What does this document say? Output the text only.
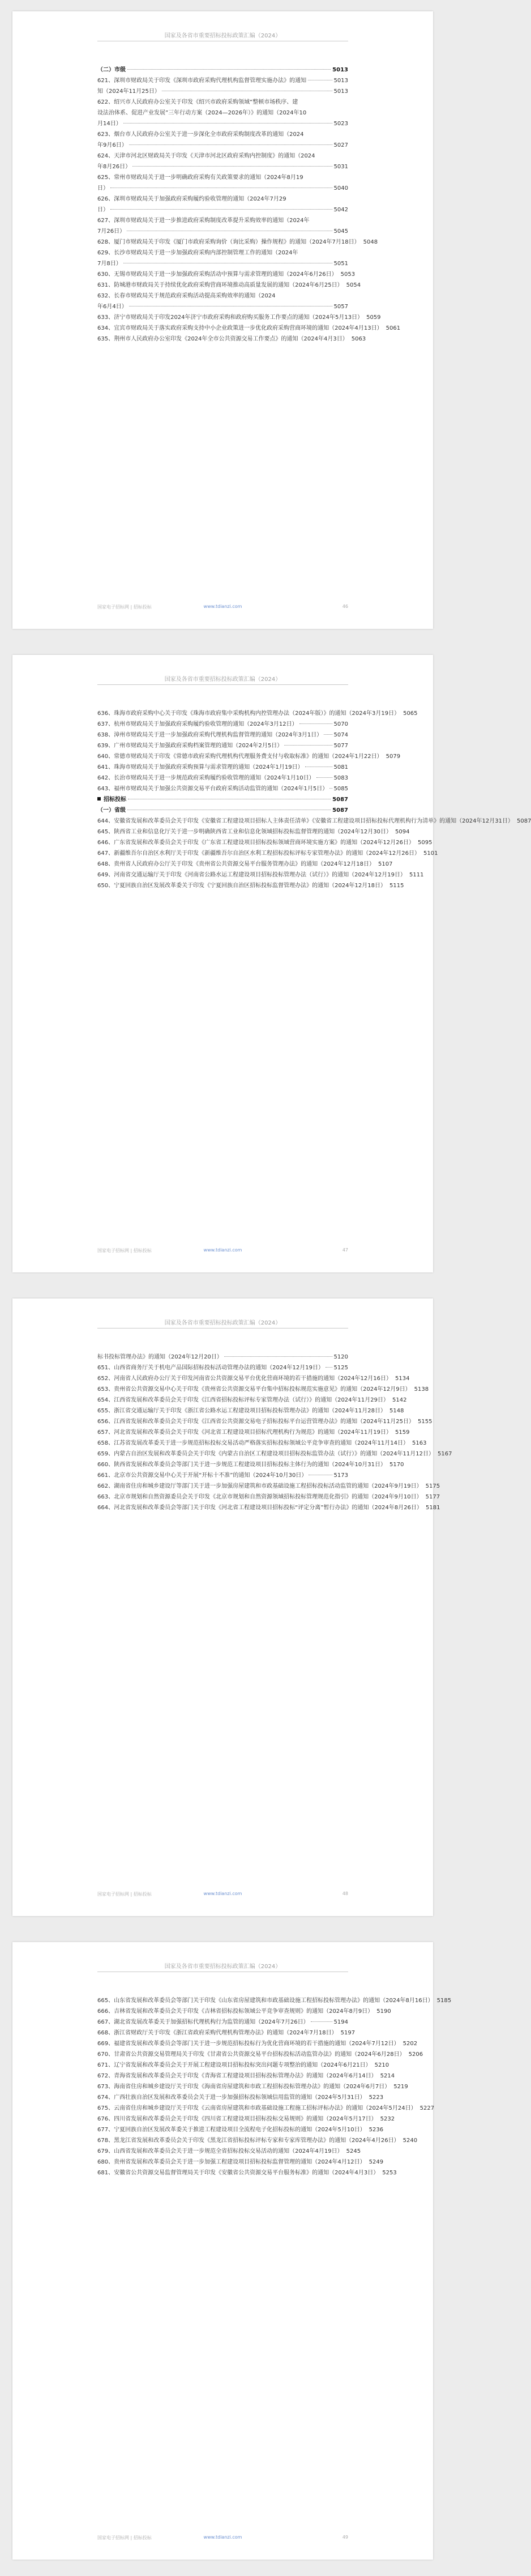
国家及各省市重要招标投标政策汇编（2024）
（二）市级	5013
621、深圳市财政局关于印发《深圳市政府采购代理机构监督管理实施办法》的通知	5013
知（2024年11月25日）	5013
622、绍兴市人民政府办公室关于印发《绍兴市政府采购领域“整顿市场秩序、建
设法治体系、促进产业发展”三年行动方案（2024—2026年）》的通知（2024年10
月14日）	5023
623、烟台市人民政府办公室关于进一步深化全市政府采购制度改革的通知（2024
年9月6日）	5027
624、天津市河北区财政局关于印发《天津市河北区政府采购内控制度》的通知（2024
年8月26日）	5031
625、常州市财政局关于进一步明确政府采购有关政策要求的通知（2024年8月19
日）	5040
626、深圳市财政局关于加强政府采购履约验收管理的通知（2024年7月29
日）	5042
627、深圳市财政局关于进一步推进政府采购制度改革提升采购效率的通知（2024年
7月26日）	5045
628、厦门市财政局关于印发《厦门市政府采购询价（询比采购）操作规程》的通知（2024年7月18日） 5048
629、长沙市财政局关于进一步加强政府采购内部控制管理工作的通知（2024年
7月8日）	5051
630、无锡市财政局关于进一步加强政府采购活动中预算与需求管理的通知（2024年6月26日） 5053
631、防城港市财政局关于持续优化政府采购营商环境推动高质量发展的通知（2024年6月25日） 5054
632、长春市财政局关于规范政府采购活动提高采购效率的通知（2024
年6月4日）	5057
633、济宁市财政局关于印发2024年济宁市政府采购和政府购买服务工作要点的通知（2024年5月13日） 5059
634、宜宾市财政局关于落实政府采购支持中小企业政策进一步优化政府采购营商环境的通知（2024年4月13日） 5061
635、荆州市人民政府办公室印发《2024年全市公共资源交易工作要点》的通知（2024年4月3日） 5063
国家电子招标网 | 招标投标	www.tdianzi.com	46
国家及各省市重要招标投标政策汇编（2024）
636、珠海市政府采购中心关于印发《珠海市政府集中采购机构内控管理办法（2024年版）》的通知（2024年3月19日） 5065
637、杭州市财政局关于加强政府采购履约验收管理的通知（2024年3月12日）	5070
638、漳州市财政局关于进一步加强政府采购代理机构监督管理的通知（2024年3月1日） 5074
639、广州市财政局关于加强政府采购档案管理的通知（2024年2月5日）	5077
640、常德市财政局关于印发《常德市政府采购代理机构代理服务费支付与收取标准》的通知（2024年1月22日） 5079
641、珠海市财政局关于加强政府采购预算与需求管理的通知（2024年1月19日）	5081
642、长治市财政局关于进一步规范政府采购履约验收管理的通知（2024年1月10日）	5083
643、福州市财政局关于加强公共资源交易平台政府采购活动监管的通知（2024年1月5日） 5085
招标投标	5087
（一）省级	5087
644、安徽省发展和改革委员会关于印发《安徽省工程建设项目招标人主体责任清单》《安徽省工程建设项目招标投标代理机构行为清单》的通知（2024年12月31日） 5087
645、陕西省工业和信息化厅关于进一步明确陕西省工业和信息化领域招标投标监督管理的通知（2024年12月30日） 5094
646、广东省发展和改革委员会关于印发《广东省工程建设项目招标投标领域营商环境实施方案》的通知（2024年12月26日） 5095
647、新疆维吾尔自治区水利厅关于印发《新疆维吾尔自治区水利工程招标投标评标专家管理办法》的通知（2024年12月26日） 5101
648、贵州省人民政府办公厅关于印发《贵州省公共资源交易平台服务管理办法》的通知（2024年12月18日） 5107
649、河南省交通运输厅关于印发《河南省公路水运工程建设项目招标投标管理办法（试行）》的通知（2024年12月19日） 5111
650、宁夏回族自治区发展改革委关于印发《宁夏回族自治区招标投标监督管理办法》的通知（2024年12月18日） 5115
国家电子招标网 | 招标投标	www.tdianzi.com	47
国家及各省市重要招标投标政策汇编（2024）
标书投标管理办法》的通知（2024年12月20日）	5120
651、山西省商务厅关于机电产品国际招标投标活动管理办法的通知（2024年12月19日） 5125
652、河南省人民政府办公厅关于印发河南省公共资源交易平台优化营商环境的若干措施的通知（2024年12月16日） 5134
653、贵州省公共资源交易中心关于印发《贵州省公共资源交易平台集中招标投标规范实施意见》的通知（2024年12月9日） 5138
654、江西省发展和改革委员会关于印发《江西省招标投标评标专家管理办法（试行）》的通知（2024年11月29日） 5142
655、浙江省交通运输厅关于印发《浙江省公路水运工程建设项目招标投标管理办法》的通知（2024年11月28日） 5148
656、江西省发展和改革委员会关于印发《江西省公共资源交易电子招标投标平台运营管理办法》的通知（2024年11月25日） 5155
657、河北省发展和改革委员会关于印发《河北省工程建设项目招标代理机构行为规范》的通知（2024年11月19日） 5159
658、江苏省发展改革委关于进一步规范招标投标交易活动严格落实招标投标领域公平竞争审查的通知（2024年11月14日） 5163
659、内蒙古自治区发展和改革委员会关于印发《内蒙古自治区工程建设项目招标投标监管办法（试行）》的通知（2024年11月12日） 5167
660、陕西省发展和改革委员会等部门关于进一步规范工程建设项目招标投标主体行为的通知（2024年10月31日） 5170
661、北京市公共资源交易中心关于开展“开标十不准”的通知（2024年10月30日）	5173
662、湖南省住房和城乡建设厅等部门关于进一步加强房屋建筑和市政基础设施工程招标投标活动监管的通知（2024年9月19日） 5175
663、北京市规划和自然资源委员会关于印发《北京市规划和自然资源领域招标投标管理规范化指引》的通知（2024年9月10日） 5177
664、河北省发展和改革委员会等部门关于印发《河北省工程建设项目招标投标“评定分离”暂行办法》的通知（2024年8月26日） 5181
国家电子招标网 | 招标投标	www.tdianzi.com	48
国家及各省市重要招标投标政策汇编（2024）
665、山东省发展和改革委员会等部门关于印发《山东省房屋建筑和市政基础设施工程招标投标管理办法》的通知（2024年8月16日） 5185
666、吉林省发展和改革委员会关于印发《吉林省招标投标领域公平竞争审查规则》的通知（2024年8月9日） 5190
667、湖北省发展改革委关于加强招标代理机构行为监管的通知（2024年7月26日）	5194
668、浙江省财政厅关于印发《浙江省政府采购代理机构管理办法》的通知（2024年7月18日） 5197
669、福建省发展和改革委员会等部门关于进一步规范招标投标行为优化营商环境的若干措施的通知（2024年7月12日） 5202
670、甘肃省公共资源交易管理局关于印发《甘肃省公共资源交易平台招标投标活动监管办法》的通知（2024年6月28日） 5206
671、辽宁省发展和改革委员会关于开展工程建设项目招标投标突出问题专项整治的通知（2024年6月21日） 5210
672、青海省发展和改革委员会关于印发《青海省工程建设项目招标投标管理办法》的通知（2024年6月14日） 5214
673、海南省住房和城乡建设厅关于印发《海南省房屋建筑和市政工程招标投标管理办法》的通知（2024年6月7日） 5219
674、广西壮族自治区发展和改革委员会关于进一步加强招标投标领域信用监管的通知（2024年5月31日） 5223
675、云南省住房和城乡建设厅关于印发《云南省房屋建筑和市政基础设施工程施工招标评标办法》的通知（2024年5月24日） 5227
676、四川省发展和改革委员会关于印发《四川省工程建设项目招标投标交易规则》的通知（2024年5月17日） 5232
677、宁夏回族自治区发展改革委关于推进工程建设项目全流程电子化招标投标的通知（2024年5月10日） 5236
678、黑龙江省发展和改革委员会关于印发《黑龙江省招标投标评标专家和专家库管理办法》的通知（2024年4月26日） 5240
679、山西省发展和改革委员会关于进一步规范全省招标投标交易活动的通知（2024年4月19日） 5245
680、贵州省发展和改革委员会关于进一步加强工程建设项目招标投标监督管理的通知（2024年4月12日） 5249
681、安徽省公共资源交易监督管理局关于印发《安徽省公共资源交易平台服务标准》的通知（2024年4月3日） 5253
国家电子招标网 | 招标投标	www.tdianzi.com	49
